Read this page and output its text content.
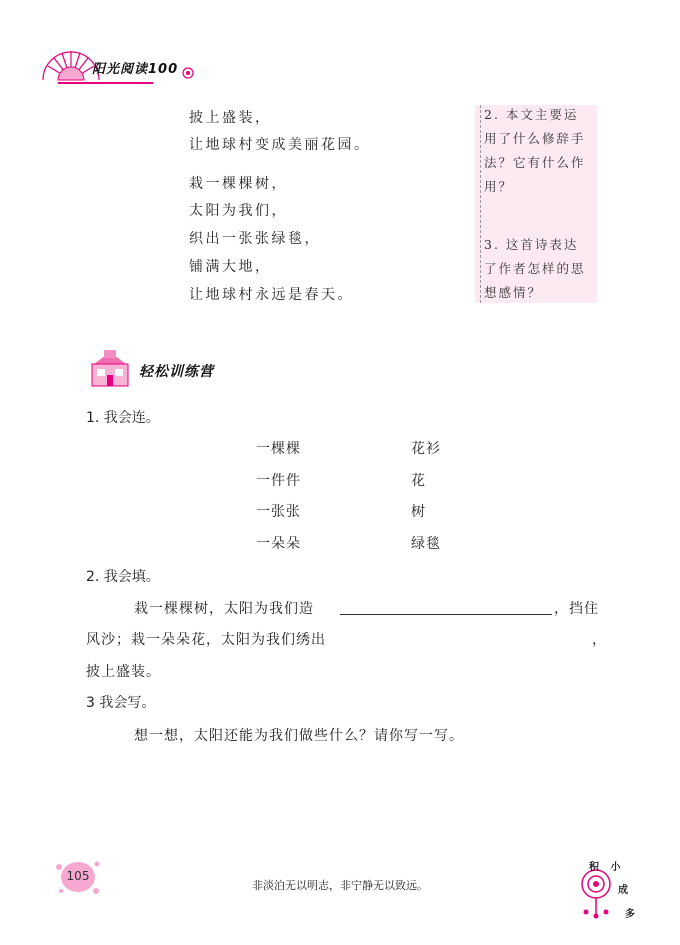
阳光阅读100
披上盛装，
让地球村变成美丽花园。
栽一棵棵树，
太阳为我们，
织出一张张绿毯，
铺满大地，
让地球村永远是春天。
2. 本文主要运用了什么修辞手法？它有什么作用？
3. 这首诗表达了作者怎样的思想感情？
轻松训练营
1. 我会连。
一棵棵
一件件
一张张
一朵朵
花衫
花
树
绿毯
2. 我会填。
栽一棵棵树，太阳为我们造	，挡住
风沙；栽一朵朵花，太阳为我们绣出	，
披上盛装。
3 我会写。
想一想，太阳还能为我们做些什么？请你写一写。
105
非淡泊无以明志，非宁静无以致远。
积 小
成
多
